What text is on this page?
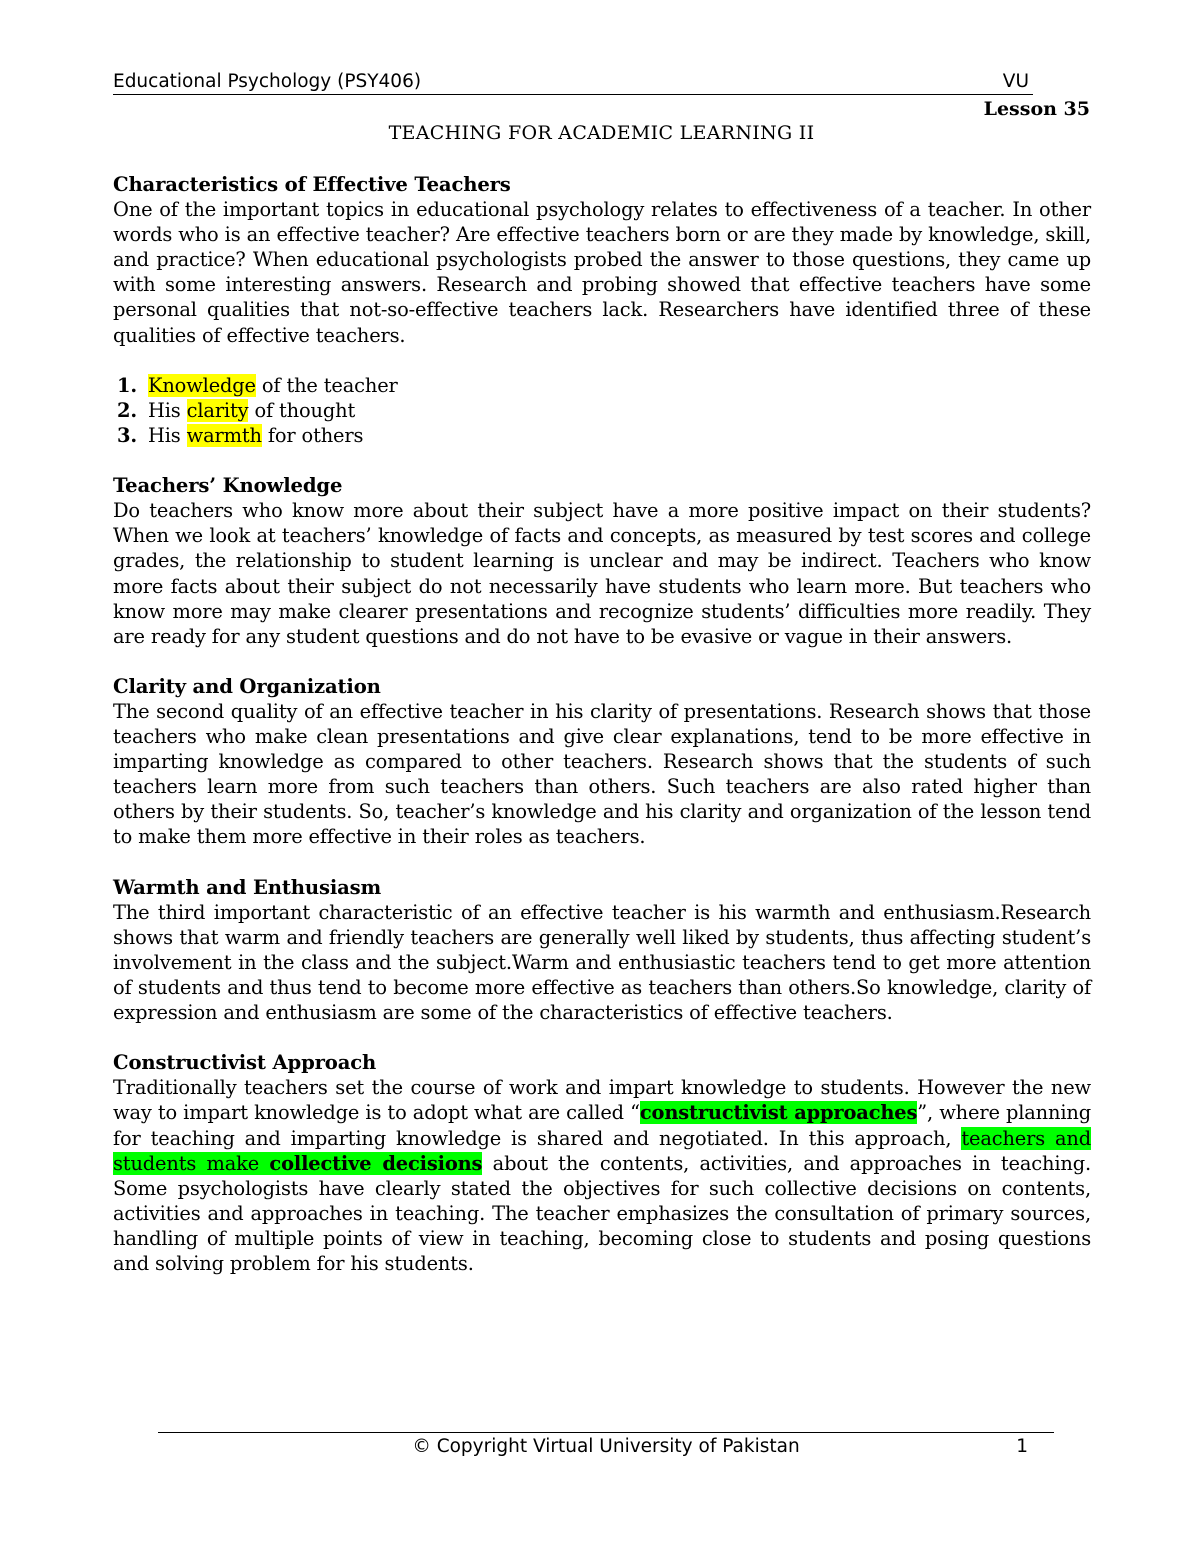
Educational Psychology (PSY406)	VU
Lesson 35
TEACHING FOR ACADEMIC LEARNING II
Characteristics of Effective Teachers

One of the important topics in educational psychology relates to effectiveness of a teacher. In other words who is an effective teacher? Are effective teachers born or are they made by knowledge, skill, and practice? When educational psychologists probed the answer to those questions, they came up with some interesting answers. Research and probing showed that effective teachers have some personal qualities that not-so-effective teachers lack. Researchers have identified three of these qualities of effective teachers.

1. Knowledge of the teacher
2. His clarity of thought
3. His warmth for others
Teachers’ Knowledge

Do teachers who know more about their subject have a more positive impact on their students? When we look at teachers’ knowledge of facts and concepts, as measured by test scores and college grades, the relationship to student learning is unclear and may be indirect. Teachers who know more facts about their subject do not necessarily have students who learn more. But teachers who know more may make clearer presentations and recognize students’ difficulties more readily. They are ready for any student questions and do not have to be evasive or vague in their answers.

Clarity and Organization

The second quality of an effective teacher in his clarity of presentations. Research shows that those teachers who make clean presentations and give clear explanations, tend to be more effective in imparting knowledge as compared to other teachers. Research shows that the students of such teachers learn more from such teachers than others. Such teachers are also rated higher than others by their students. So, teacher’s knowledge and his clarity and organization of the lesson tend to make them more effective in their roles as teachers.

Warmth and Enthusiasm

The third important characteristic of an effective teacher is his warmth and enthusiasm.Research shows that warm and friendly teachers are generally well liked by students, thus affecting student’s involvement in the class and the subject.Warm and enthusiastic teachers tend to get more attention of students and thus tend to become more effective as teachers than others.So knowledge, clarity of expression and enthusiasm are some of the characteristics of effective teachers.

Constructivist Approach

Traditionally teachers set the course of work and impart knowledge to students. However the new way to impart knowledge is to adopt what are called “constructivist approaches”, where planning for teaching and imparting knowledge is shared and negotiated. In this approach, teachers and students make collective decisions about the contents, activities, and approaches in teaching. Some psychologists have clearly stated the objectives for such collective decisions on contents, activities and approaches in teaching. The teacher emphasizes the consultation of primary sources, handling of multiple points of view in teaching, becoming close to students and posing questions and solving problem for his students.

© Copyright Virtual University of Pakistan	1
